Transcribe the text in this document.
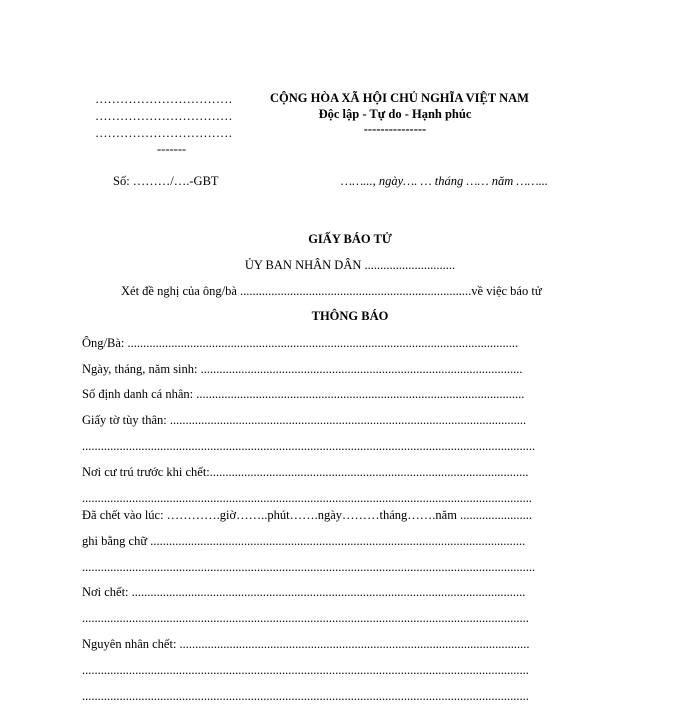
……………………………
……………………………
……………………………
-------
CỘNG HÒA XÃ HỘI CHỦ NGHĨA VIỆT NAM
Độc lập - Tự do - Hạnh phúc
---------------
Số: ………/….-GBT	……..., ngày…. … tháng …… năm ……...
GIẤY BÁO TỬ
ỦY BAN NHÂN DÂN .............................
Xét đề nghị của ông/bà ..........................................................................về việc báo tử
THÔNG BÁO
Ông/Bà: .............................................................................................................................
Ngày, tháng, năm sinh: .......................................................................................................
Số định danh cá nhân: .........................................................................................................
Giấy tờ tùy thân: ..................................................................................................................
.................................................................................................................................................
Nơi cư trú trước khi chết:......................................................................................................
................................................................................................................................................
Đã chết vào lúc: ………….giờ……..phút…….ngày………tháng…….năm .......................
ghi bằng chữ ........................................................................................................................
.................................................................................................................................................
Nơi chết: ..............................................................................................................................
...............................................................................................................................................
Nguyên nhân chết: ................................................................................................................
...............................................................................................................................................
...............................................................................................................................................
